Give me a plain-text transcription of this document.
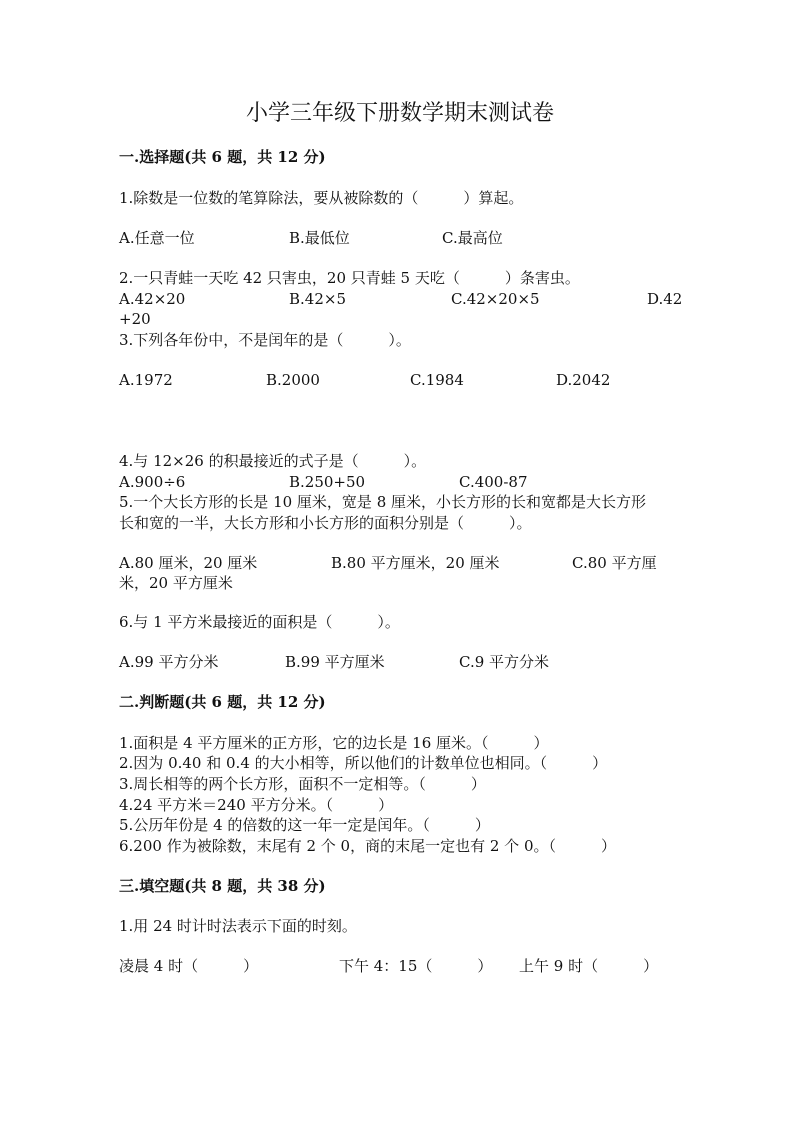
小学三年级下册数学期末测试卷
一.选择题(共 6 题，共 12 分)
1.除数是一位数的笔算除法，要从被除数的（　　　）算起。
A.任意一位	B.最低位	C.最高位
2.一只青蛙一天吃 42 只害虫，20 只青蛙 5 天吃（　　　）条害虫。
A.42×20	B.42×5	C.42×20×5	D.42
+20
3.下列各年份中，不是闰年的是（　　　）。
A.1972	B.2000	C.1984	D.2042
4.与 12×26 的积最接近的式子是（　　　）。
A.900÷6	B.250+50	C.400-87
5.一个大长方形的长是 10 厘米，宽是 8 厘米，小长方形的长和宽都是大长方形
长和宽的一半，大长方形和小长方形的面积分别是（　　　）。
A.80 厘米，20 厘米	B.80 平方厘米，20 厘米	C.80 平方厘
米，20 平方厘米
6.与 1 平方米最接近的面积是（　　　）。
A.99 平方分米	B.99 平方厘米	C.9 平方分米
二.判断题(共 6 题，共 12 分)
1.面积是 4 平方厘米的正方形，它的边长是 16 厘米。（　　　）
2.因为 0.40 和 0.4 的大小相等，所以他们的计数单位也相同。（　　　）
3.周长相等的两个长方形，面积不一定相等。（　　　）
4.24 平方米＝240 平方分米。（　　　）
5.公历年份是 4 的倍数的这一年一定是闰年。（　　　）
6.200 作为被除数，末尾有 2 个 0，商的末尾一定也有 2 个 0。（　　　）
三.填空题(共 8 题，共 38 分)
1.用 24 时计时法表示下面的时刻。
凌晨 4 时（　　　）	下午 4：15（　　　） 上午 9 时（　　　）
